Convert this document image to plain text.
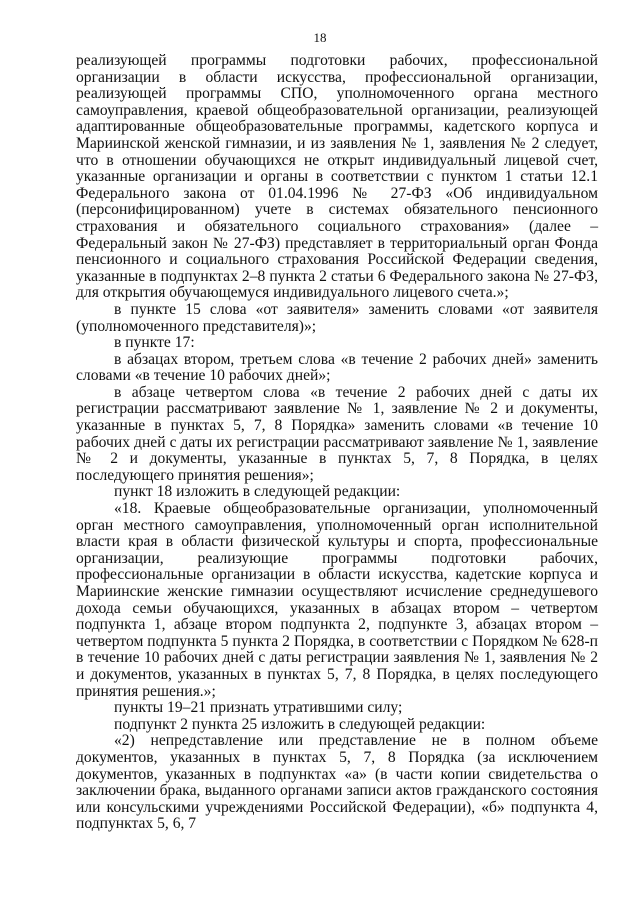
18

реализующей программы подготовки рабочих, профессиональной организации в области искусства, профессиональной организации, реализующей программы СПО, уполномоченного органа местного самоуправления, краевой общеобразовательной организации, реализующей адаптированные общеобразовательные программы, кадетского корпуса и Мариинской женской гимназии, и из заявления № 1, заявления № 2 следует, что в отношении обучающихся не открыт индивидуальный лицевой счет, указанные организации и органы в соответствии с пунктом 1 статьи 12.1 Федерального закона от 01.04.1996 № 27-ФЗ «Об индивидуальном (персонифицированном) учете в системах обязательного пенсионного страхования и обязательного социального страхования» (далее – Федеральный закон № 27-ФЗ) представляет в территориальный орган Фонда пенсионного и социального страхования Российской Федерации сведения, указанные в подпунктах 2–8 пункта 2 статьи 6 Федерального закона № 27-ФЗ, для открытия обучающемуся индивидуального лицевого счета.»;

в пункте 15 слова «от заявителя» заменить словами «от заявителя (уполномоченного представителя)»;

в пункте 17:

в абзацах втором, третьем слова «в течение 2 рабочих дней» заменить словами «в течение 10 рабочих дней»;

в абзаце четвертом слова «в течение 2 рабочих дней с даты их регистрации рассматривают заявление № 1, заявление № 2 и документы, указанные в пунктах 5, 7, 8 Порядка» заменить словами «в течение 10 рабочих дней с даты их регистрации рассматривают заявление № 1, заявление № 2 и документы, указанные в пунктах 5, 7, 8 Порядка, в целях последующего принятия решения»;

пункт 18 изложить в следующей редакции:

«18. Краевые общеобразовательные организации, уполномоченный орган местного самоуправления, уполномоченный орган исполнительной власти края в области физической культуры и спорта, профессиональные организации, реализующие программы подготовки рабочих, профессиональные организации в области искусства, кадетские корпуса и Мариинские женские гимназии осуществляют исчисление среднедушевого дохода семьи обучающихся, указанных в абзацах втором – четвертом подпункта 1, абзаце втором подпункта 2, подпункте 3, абзацах втором – четвертом подпункта 5 пункта 2 Порядка, в соответствии с Порядком № 628-п в течение 10 рабочих дней с даты регистрации заявления № 1, заявления № 2 и документов, указанных в пунктах 5, 7, 8 Порядка, в целях последующего принятия решения.»;

пункты 19–21 признать утратившими силу;

подпункт 2 пункта 25 изложить в следующей редакции:

«2) непредставление или представление не в полном объеме документов, указанных в пунктах 5, 7, 8 Порядка (за исключением документов, указанных в подпунктах «а» (в части копии свидетельства о заключении брака, выданного органами записи актов гражданского состояния или консульскими учреждениями Российской Федерации), «б» подпункта 4, подпунктах 5, 6, 7
